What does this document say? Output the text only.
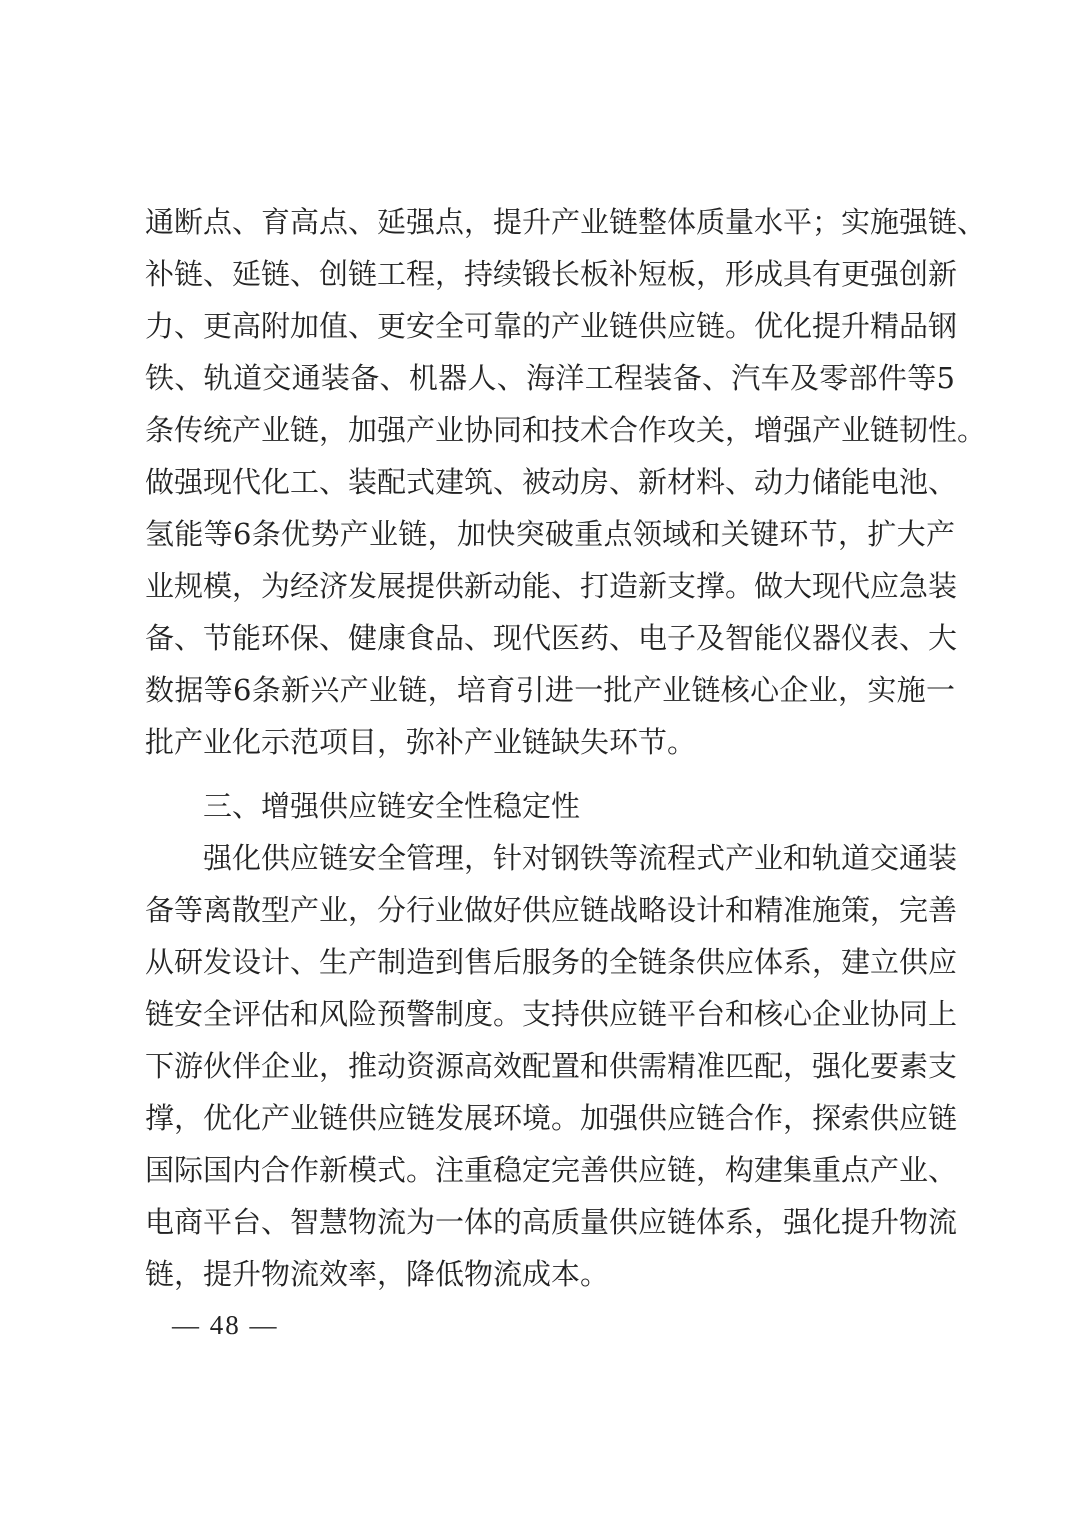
通断点、育高点、延强点，提升产业链整体质量水平；实施强链、
补链、延链、创链工程，持续锻长板补短板，形成具有更强创新
力、更高附加值、更安全可靠的产业链供应链。优化提升精品钢
铁、轨道交通装备、机器人、海洋工程装备、汽车及零部件等5
条传统产业链，加强产业协同和技术合作攻关，增强产业链韧性。
做强现代化工、装配式建筑、被动房、新材料、动力储能电池、
氢能等6条优势产业链，加快突破重点领域和关键环节，扩大产
业规模，为经济发展提供新动能、打造新支撑。做大现代应急装
备、节能环保、健康食品、现代医药、电子及智能仪器仪表、大
数据等6条新兴产业链，培育引进一批产业链核心企业，实施一
批产业化示范项目，弥补产业链缺失环节。
三、增强供应链安全性稳定性
强化供应链安全管理，针对钢铁等流程式产业和轨道交通装
备等离散型产业，分行业做好供应链战略设计和精准施策，完善
从研发设计、生产制造到售后服务的全链条供应体系，建立供应
链安全评估和风险预警制度。支持供应链平台和核心企业协同上
下游伙伴企业，推动资源高效配置和供需精准匹配，强化要素支
撑，优化产业链供应链发展环境。加强供应链合作，探索供应链
国际国内合作新模式。注重稳定完善供应链，构建集重点产业、
电商平台、智慧物流为一体的高质量供应链体系，强化提升物流
链，提升物流效率，降低物流成本。
— 48 —
